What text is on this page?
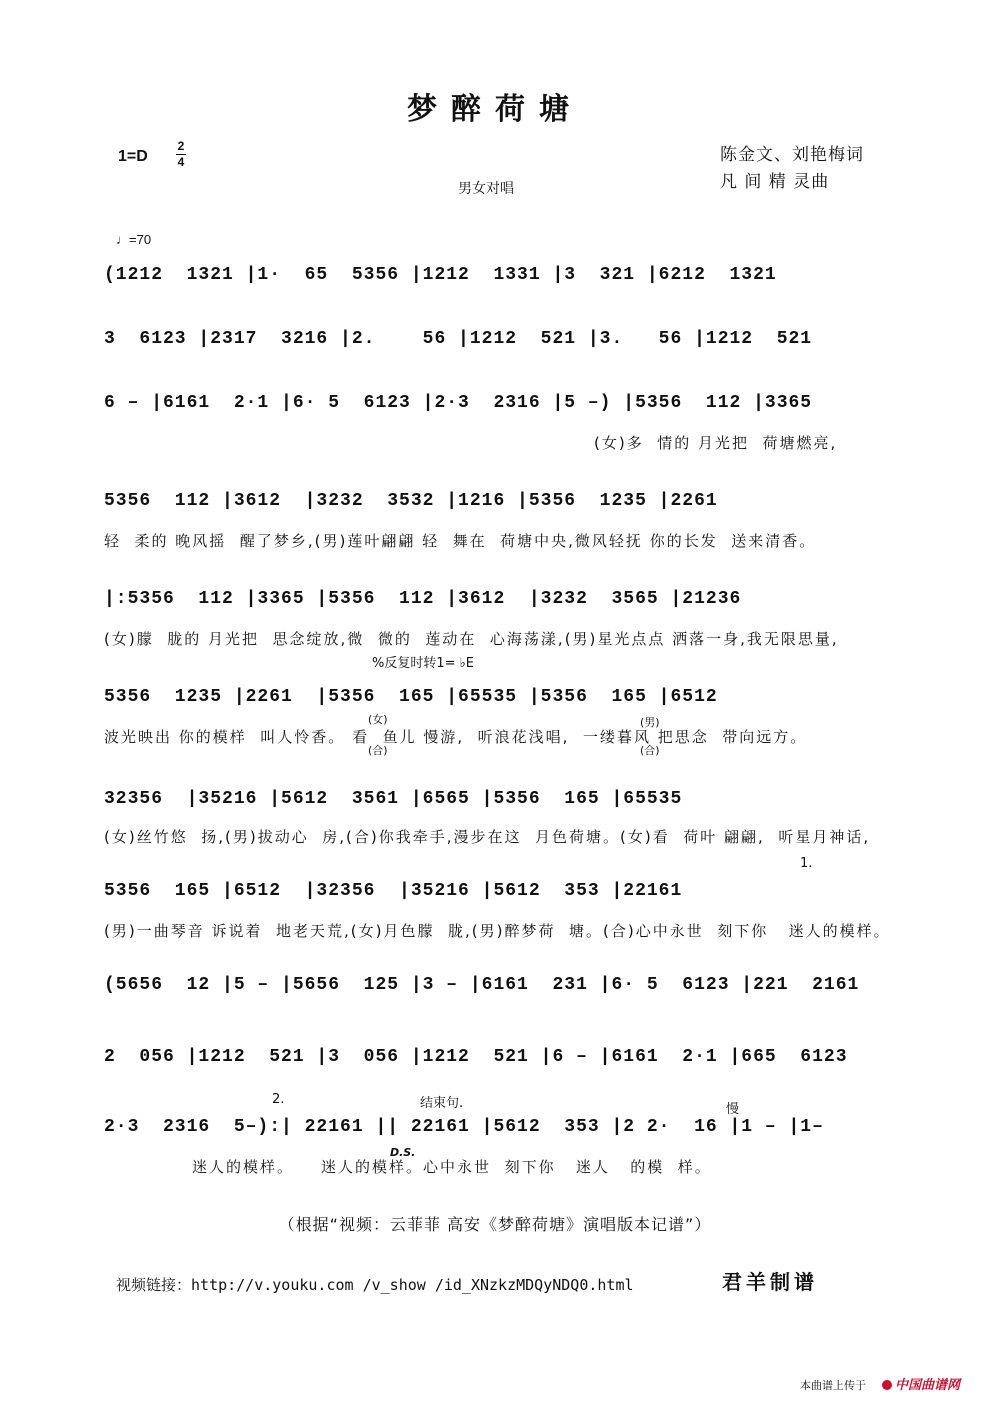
梦醉荷塘
1=D
2
4	陈金文、刘艳梅词
凡 间 精 灵曲
男女对唱
♩=70
(1212  1321 |1·  65  5356 |1212  1331 |3  321 |6212  1321
3  6123 |2317  3216 |2.    56 |1212  521 |3.   56 |1212  521
6 – |6161  2·1 |6· 5  6123 |2·3  2316 |5 –) |5356  112 |3365
(女)多  情的 月光把  荷塘燃亮,
5356  112 |3612  |3232  3532 |1216 |5356  1235 |2261
轻  柔的 晚风摇  醒了梦乡,(男)莲叶翩翩 轻  舞在  荷塘中央,微风轻抚 你的长发  送来清香。
|:5356  112 |3365 |5356  112 |3612  |3232  3565 |21236
(女)朦  胧的 月光把  思念绽放,微  微的  莲动在  心海荡漾,(男)星光点点 洒落一身,我无限思量,
%反复时转1= ♭E
5356  1235 |2261  |5356  165 |65535 |5356  165 |6512
波光映出 你的模样  叫人怜香。 看  鱼儿 慢游,  听浪花浅唱,  一缕暮风 把思念  带向远方。
(女)
(合)
(男)
(合)
32356  |35216 |5612  3561 |6565 |5356  165 |65535
(女)丝竹悠  扬,(男)拔动心  房,(合)你我牵手,漫步在这  月色荷塘。(女)看  荷叶 翩翩,  听星月神话,
5356  165 |6512  |32356  |35216 |5612  353 |22161
1.
(男)一曲琴音 诉说着  地老天荒,(女)月色朦  胧,(男)醉梦荷  塘。(合)心中永世  刻下你   迷人的模样。
(5656  12 |5 – |5656  125 |3 – |6161  231 |6· 5  6123 |221  2161
2  056 |1212  521 |3  056 |1212  521 |6 – |6161  2·1 |665  6123
2·3  2316  5–):| 22161 || 22161 |5612  353 |2 2·  16 |1 – |1–
2.	结束句.	慢
D.S.
迷人的模样。    迷人的模样。心中永世  刻下你   迷人   的模  样。
（根据“视频：云菲菲 高安《梦醉荷塘》演唱版本记谱”）
视频链接：http://v.youku.com /v_show /id_XNzkzMDQyNDQ0.html	君羊制谱
本曲谱上传于	中国曲谱网
